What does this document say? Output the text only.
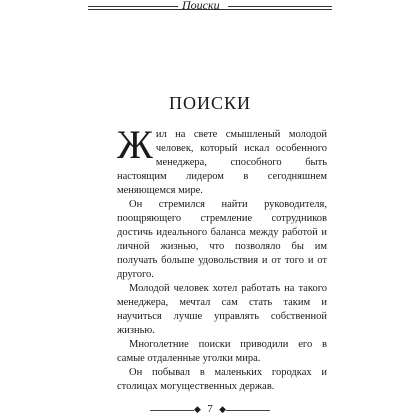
Поиски
ПОИСКИ

Жил на свете смышленый молодой человек, который искал особенного менеджера, способного быть настоящим лидером в сегодняшнем меняющемся мире.

Он стремился найти руководителя, поощряющего стремление сотрудников достичь идеального баланса между работой и личной жизнью, что позволяло бы им получать больше удовольствия и от того и от другого.

Молодой человек хотел работать на такого менеджера, мечтал сам стать таким и научиться лучше управлять собственной жизнью.

Многолетние поиски приводили его в самые отдаленные уголки мира.

Он побывал в маленьких городках и столицах могущественных держав.

◆ 7 ◆
